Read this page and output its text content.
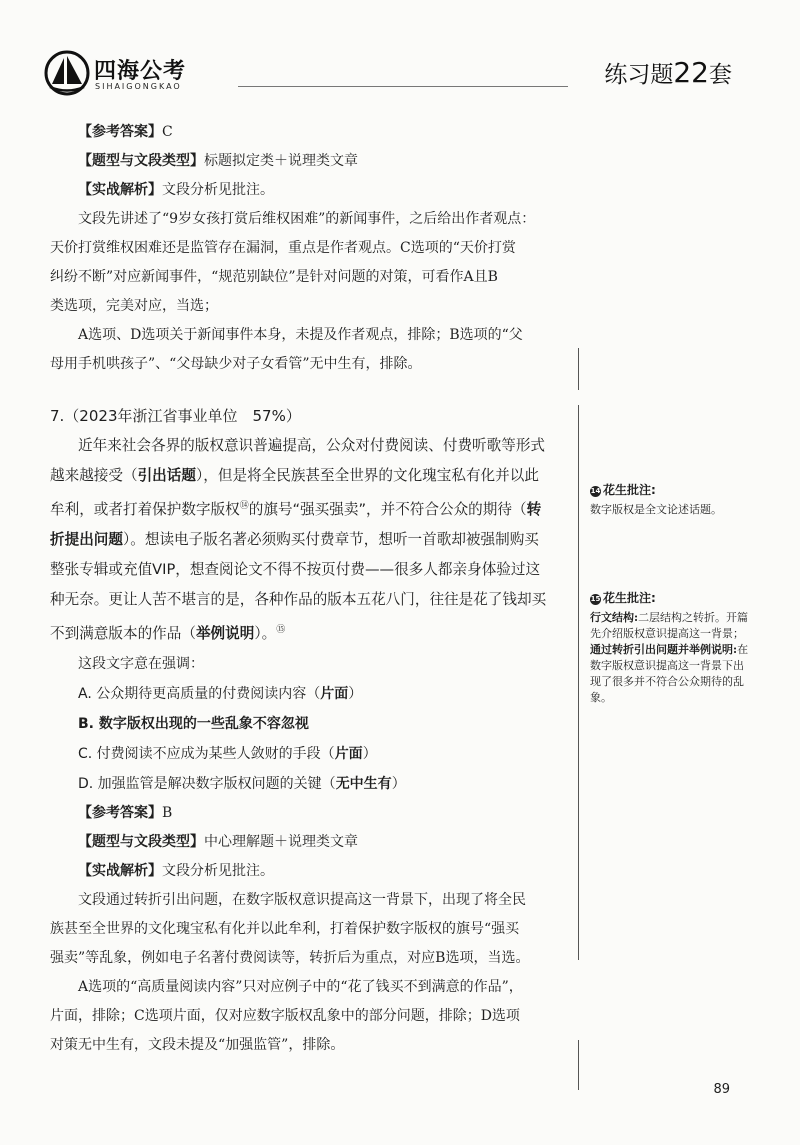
四海公考
SIHAIGONGKAO	练习题22套
【参考答案】C
【题型与文段类型】标题拟定类＋说理类文章
【实战解析】文段分析见批注。
文段先讲述了“9岁女孩打赏后维权困难”的新闻事件，之后给出作者观点：
天价打赏维权困难还是监管存在漏洞，重点是作者观点。C选项的“天价打赏
纠纷不断”对应新闻事件，“规范别缺位”是针对问题的对策，可看作A且B
类选项，完美对应，当选；
A选项、D选项关于新闻事件本身，未提及作者观点，排除；B选项的“父
母用手机哄孩子”、“父母缺少对子女看管”无中生有，排除。
7.（2023年浙江省事业单位　57%）
近年来社会各界的版权意识普遍提高，公众对付费阅读、付费听歌等形式
越来越接受（引出话题），但是将全民族甚至全世界的文化瑰宝私有化并以此
牟利，或者打着保护数字版权⑭的旗号“强买强卖”，并不符合公众的期待（转
折提出问题）。想读电子版名著必须购买付费章节，想听一首歌却被强制购买
整张专辑或充值VIP，想查阅论文不得不按页付费——很多人都亲身体验过这
种无奈。更让人苦不堪言的是，各种作品的版本五花八门，往往是花了钱却买
不到满意版本的作品（举例说明）。⑮
这段文字意在强调：
A. 公众期待更高质量的付费阅读内容（片面）
B. 数字版权出现的一些乱象不容忽视
C. 付费阅读不应成为某些人敛财的手段（片面）
D. 加强监管是解决数字版权问题的关键（无中生有）
【参考答案】B
【题型与文段类型】中心理解题＋说理类文章
【实战解析】文段分析见批注。
文段通过转折引出问题，在数字版权意识提高这一背景下，出现了将全民
族甚至全世界的文化瑰宝私有化并以此牟利，打着保护数字版权的旗号“强买
强卖”等乱象，例如电子名著付费阅读等，转折后为重点，对应B选项，当选。
A选项的“高质量阅读内容”只对应例子中的“花了钱买不到满意的作品”，
片面，排除；C选项片面，仅对应数字版权乱象中的部分问题，排除；D选项
对策无中生有，文段未提及“加强监管”，排除。
14 花生批注:
数字版权是全文论述话题。
15 花生批注:
行文结构:二层结构之转折。开篇先介绍版权意识提高这一背景；
通过转折引出问题并举例说明:在数字版权意识提高这一背景下出现了很多并不符合公众期待的乱象。
89
